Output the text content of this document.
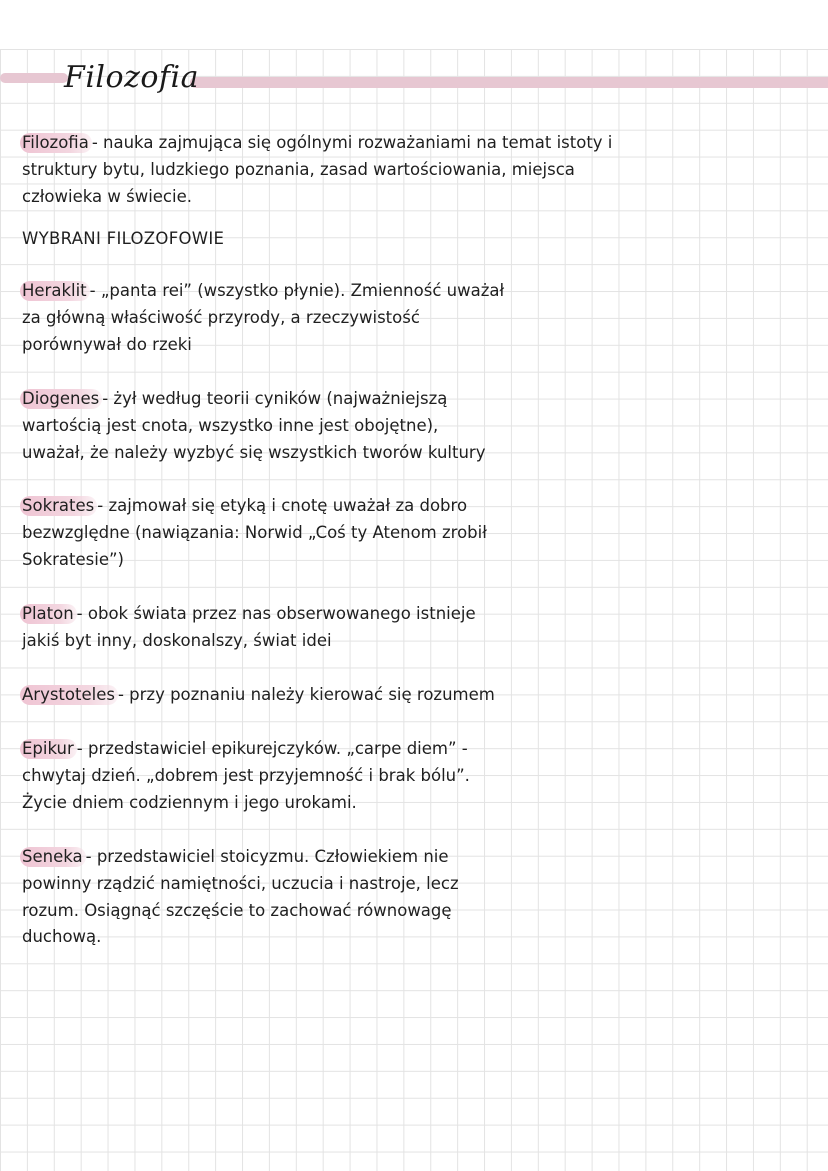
Filozofia
Filozofia - nauka zajmująca się ogólnymi rozważaniami na temat istoty i
struktury bytu, ludzkiego poznania, zasad wartościowania, miejsca
człowieka w świecie.
WYBRANI FILOZOFOWIE
Heraklit - „panta rei” (wszystko płynie). Zmienność uważał
za główną właściwość przyrody, a rzeczywistość
porównywał do rzeki
Diogenes - żył według teorii cyników (najważniejszą
wartością jest cnota, wszystko inne jest obojętne),
uważał, że należy wyzbyć się wszystkich tworów kultury
Sokrates - zajmował się etyką i cnotę uważał za dobro
bezwzględne (nawiązania: Norwid „Coś ty Atenom zrobił
Sokratesie”)
Platon - obok świata przez nas obserwowanego istnieje
jakiś byt inny, doskonalszy, świat idei
Arystoteles - przy poznaniu należy kierować się rozumem
Epikur - przedstawiciel epikurejczyków. „carpe diem” -
chwytaj dzień. „dobrem jest przyjemność i brak bólu”.
Życie dniem codziennym i jego urokami.
Seneka - przedstawiciel stoicyzmu. Człowiekiem nie
powinny rządzić namiętności, uczucia i nastroje, lecz
rozum. Osiągnąć szczęście to zachować równowagę
duchową.
